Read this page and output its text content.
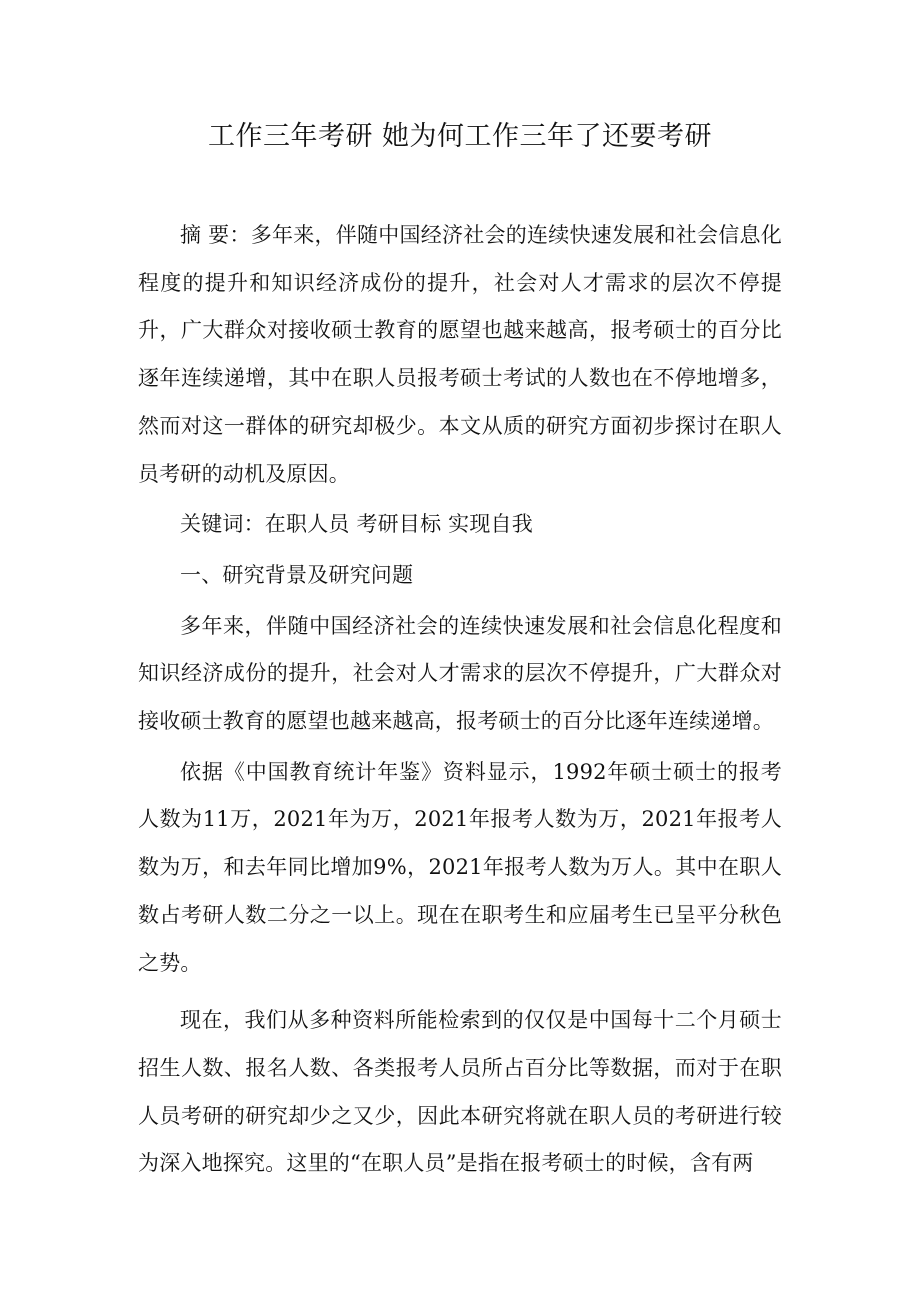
工作三年考研 她为何工作三年了还要考研

摘 要：多年来，伴随中国经济社会的连续快速发展和社会信息化程度的提升和知识经济成份的提升，社会对人才需求的层次不停提升，广大群众对接收硕士教育的愿望也越来越高，报考硕士的百分比逐年连续递增，其中在职人员报考硕士考试的人数也在不停地增多，然而对这一群体的研究却极少。本文从质的研究方面初步探讨在职人员考研的动机及原因。

关键词：在职人员 考研目标 实现自我

一、研究背景及研究问题

多年来，伴随中国经济社会的连续快速发展和社会信息化程度和知识经济成份的提升，社会对人才需求的层次不停提升，广大群众对接收硕士教育的愿望也越来越高，报考硕士的百分比逐年连续递增。

依据《中国教育统计年鉴》资料显示，1992年硕士硕士的报考人数为11万，2021年为万，2021年报考人数为万，2021年报考人数为万，和去年同比增加9%，2021年报考人数为万人。其中在职人数占考研人数二分之一以上。现在在职考生和应届考生已呈平分秋色之势。

现在，我们从多种资料所能检索到的仅仅是中国每十二个月硕士招生人数、报名人数、各类报考人员所占百分比等数据，而对于在职人员考研的研究却少之又少，因此本研究将就在职人员的考研进行较为深入地探究。这里的“在职人员”是指在报考硕士的时候，含有两
